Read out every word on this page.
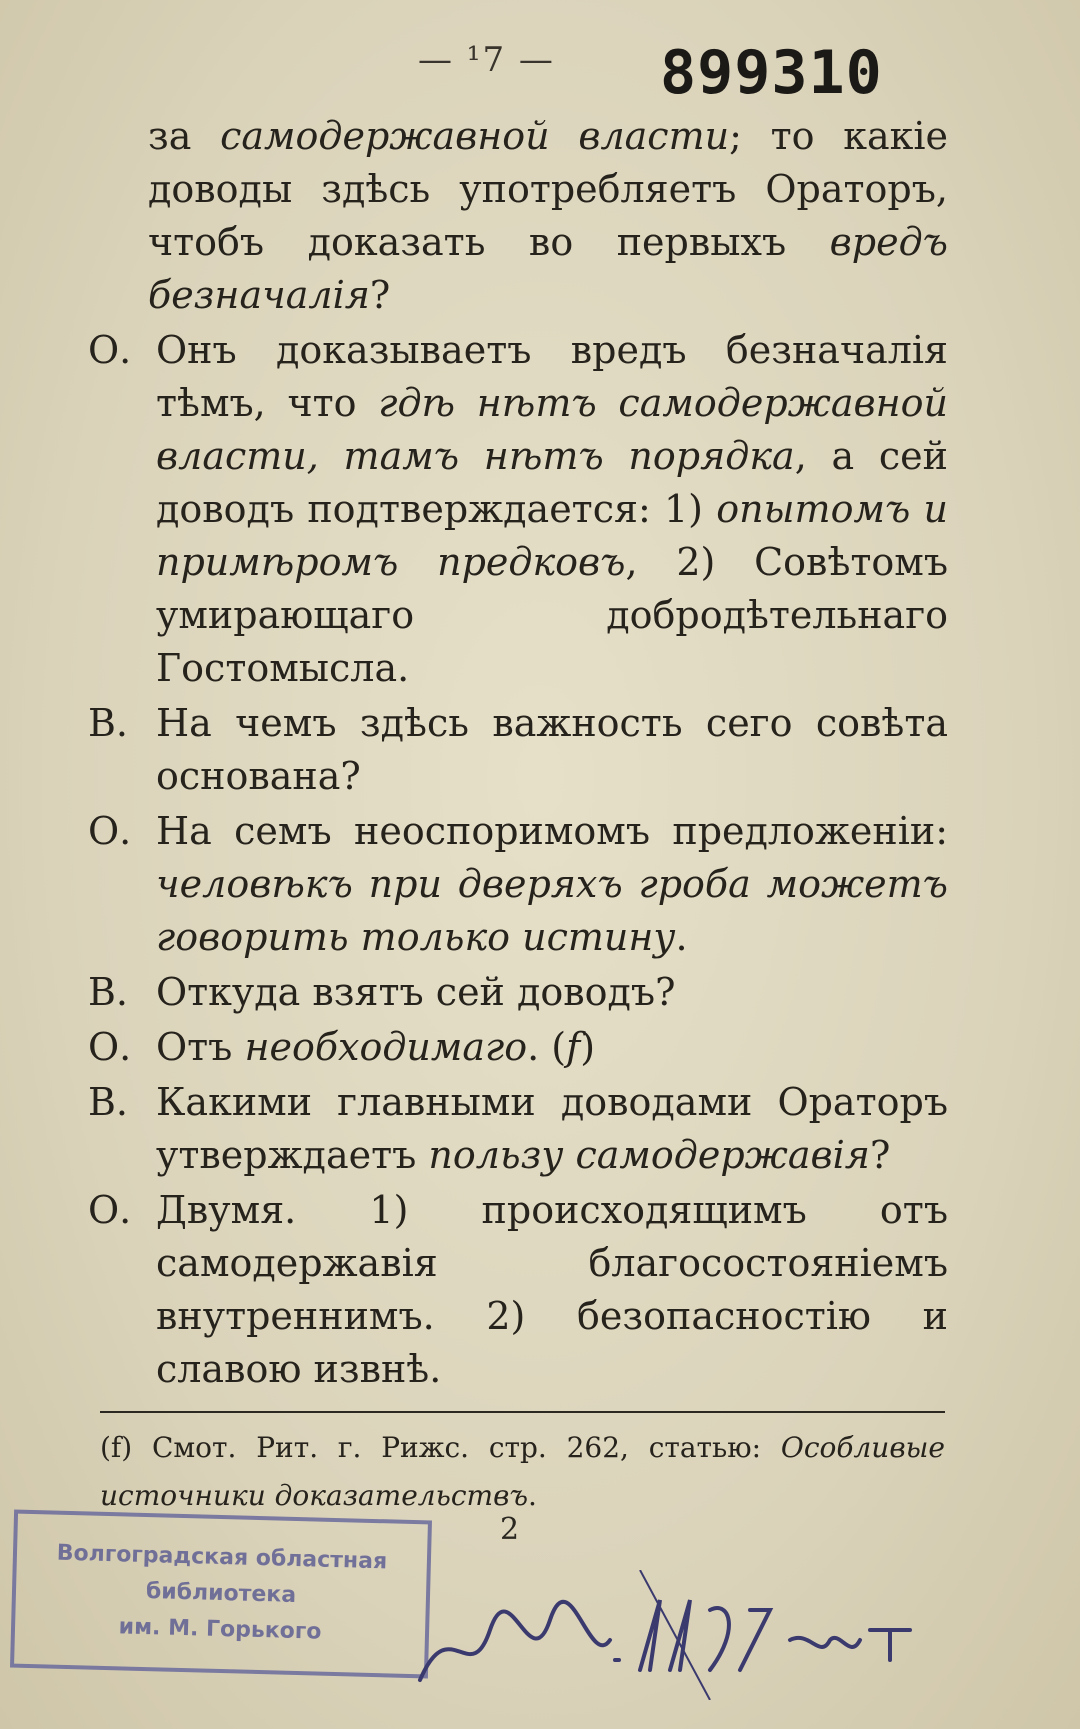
— ¹7 — 899310

за самодержавной власти; то какіе доводы здѣсь употребляетъ Ораторъ, чтобъ доказать во первыхъ вредъ безначалія?

О. Онъ доказываетъ вредъ безначалія тѣмъ, что гдѣ нѣтъ самодержавной власти, тамъ нѣтъ порядка, а сей доводъ подтверждается: 1) опытомъ и примѣромъ предковъ, 2) Совѣтомъ умирающаго добродѣтельнаго Гостомысла.

В. На чемъ здѣсь важность сего совѣта основана?

О. На семъ неоспоримомъ предложеніи: человѣкъ при дверяхъ гроба можетъ говорить только истину.

В. Откуда взятъ сей доводъ?

О. Отъ необходимаго. (f)

В. Какими главными доводами Ораторъ утверждаетъ пользу самодержавія?

О. Двумя. 1) происходящимъ отъ самодержавія благосостояніемъ внутреннимъ. 2) безопасностію и славою извнѣ.

(f) Смот. Рит. г. Рижс. стр. 262, статью: Особливые источники доказательствъ.

2
Волгоградская областная
библиотека
им. М. Горького
